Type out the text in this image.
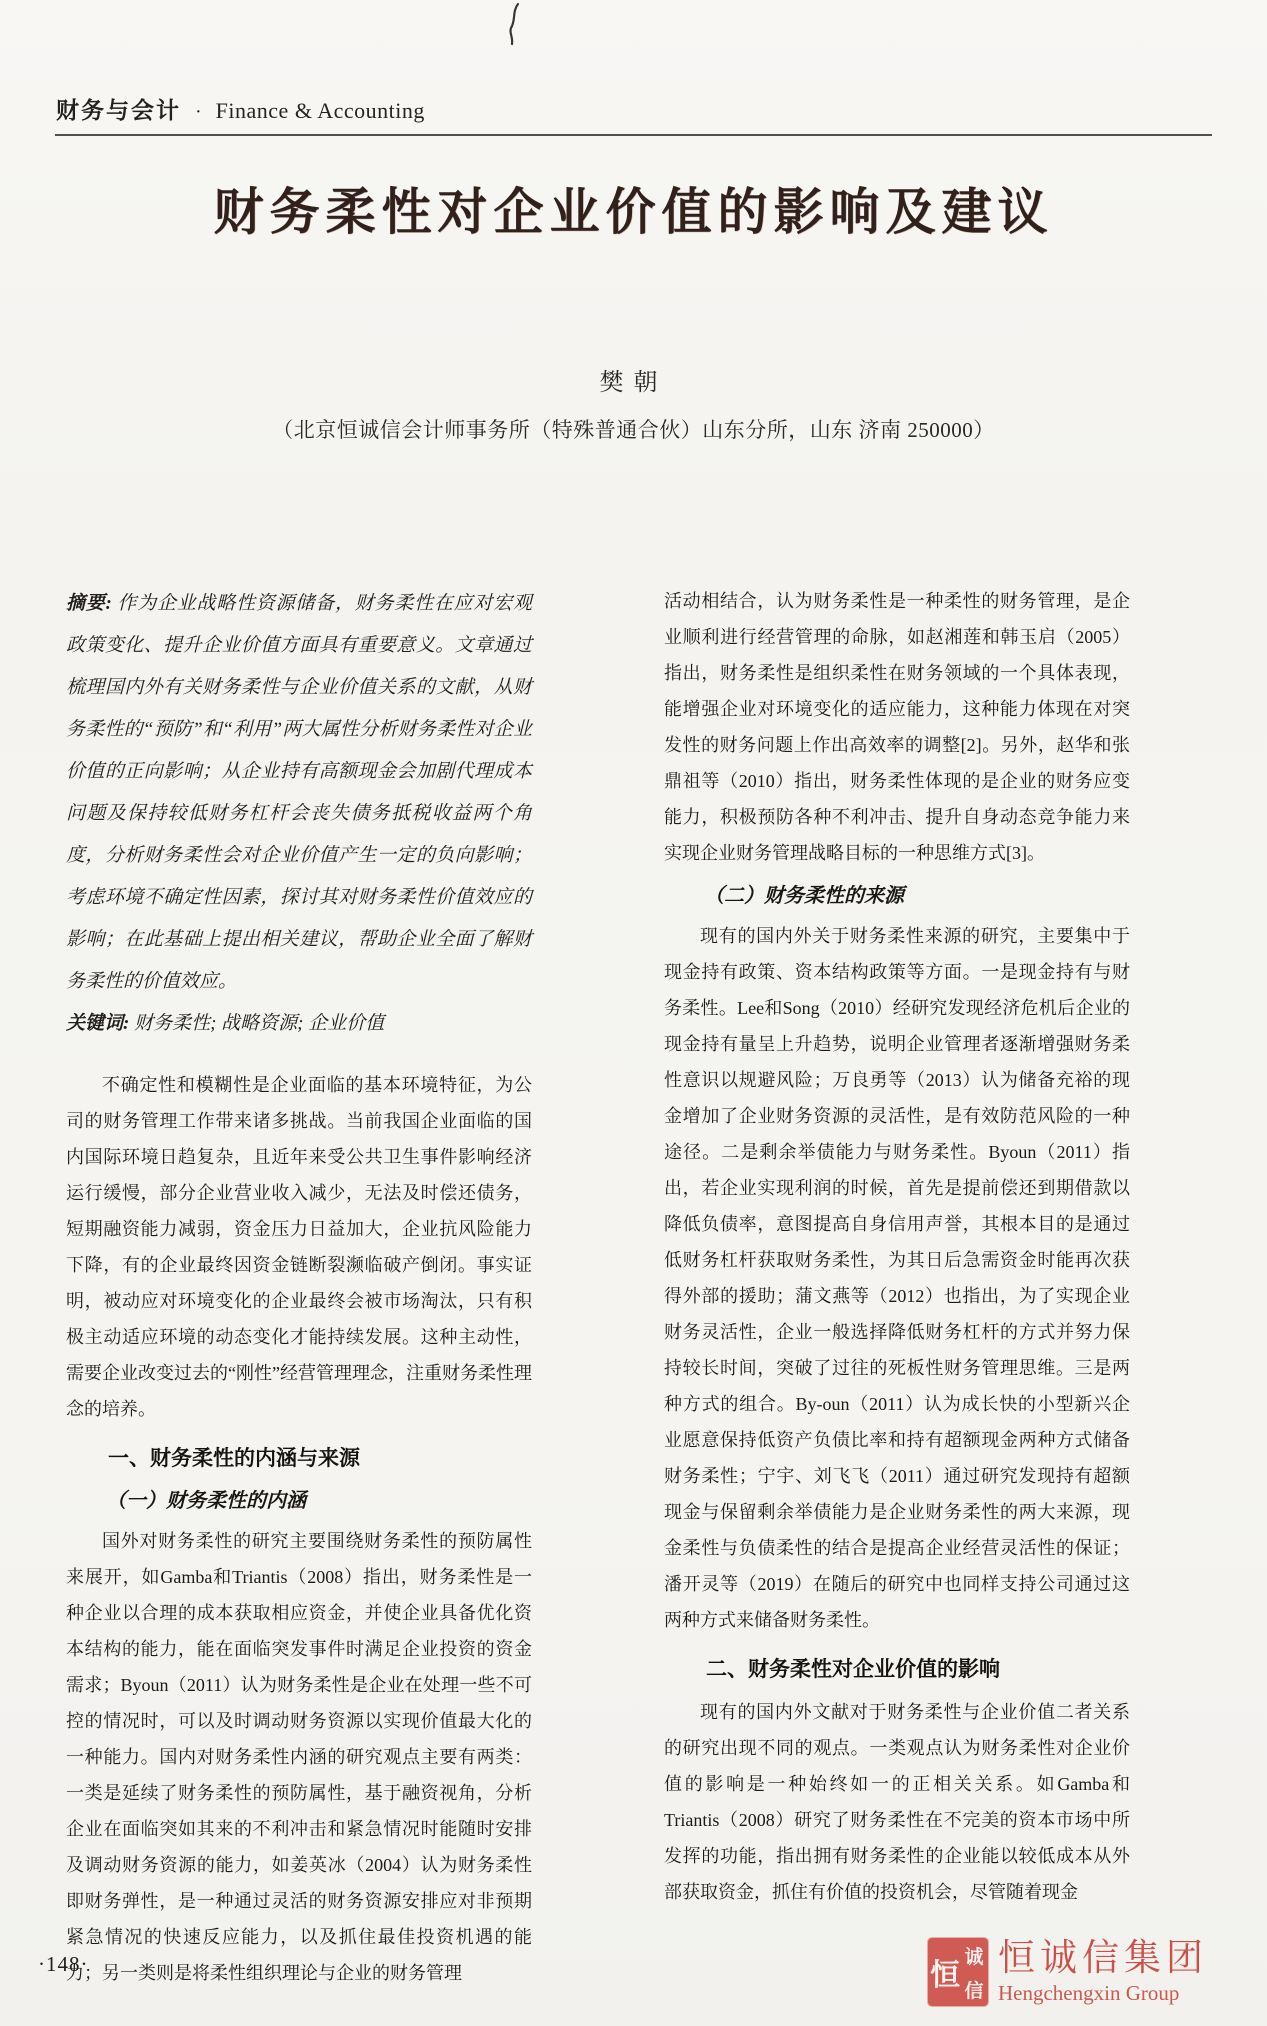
财务与会计 · Finance & Accounting
财务柔性对企业价值的影响及建议
樊朝
（北京恒诚信会计师事务所（特殊普通合伙）山东分所，山东 济南 250000）

摘要: 作为企业战略性资源储备，财务柔性在应对宏观政策变化、提升企业价值方面具有重要意义。文章通过梳理国内外有关财务柔性与企业价值关系的文献，从财务柔性的“预防”和“利用”两大属性分析财务柔性对企业价值的正向影响；从企业持有高额现金会加剧代理成本问题及保持较低财务杠杆会丧失债务抵税收益两个角度，分析财务柔性会对企业价值产生一定的负向影响；考虑环境不确定性因素，探讨其对财务柔性价值效应的影响；在此基础上提出相关建议，帮助企业全面了解财务柔性的价值效应。

关键词: 财务柔性; 战略资源; 企业价值

不确定性和模糊性是企业面临的基本环境特征，为公司的财务管理工作带来诸多挑战。当前我国企业面临的国内国际环境日趋复杂，且近年来受公共卫生事件影响经济运行缓慢，部分企业营业收入减少，无法及时偿还债务，短期融资能力减弱，资金压力日益加大，企业抗风险能力下降，有的企业最终因资金链断裂濒临破产倒闭。事实证明，被动应对环境变化的企业最终会被市场淘汰，只有积极主动适应环境的动态变化才能持续发展。这种主动性，需要企业改变过去的“刚性”经营管理理念，注重财务柔性理念的培养。

一、财务柔性的内涵与来源
（一）财务柔性的内涵

国外对财务柔性的研究主要围绕财务柔性的预防属性来展开，如Gamba和Triantis（2008）指出，财务柔性是一种企业以合理的成本获取相应资金，并使企业具备优化资本结构的能力，能在面临突发事件时满足企业投资的资金需求；Byoun（2011）认为财务柔性是企业在处理一些不可控的情况时，可以及时调动财务资源以实现价值最大化的一种能力。国内对财务柔性内涵的研究观点主要有两类：一类是延续了财务柔性的预防属性，基于融资视角，分析企业在面临突如其来的不利冲击和紧急情况时能随时安排及调动财务资源的能力，如姜英冰（2004）认为财务柔性即财务弹性，是一种通过灵活的财务资源安排应对非预期紧急情况的快速反应能力，以及抓住最佳投资机遇的能力；另一类则是将柔性组织理论与企业的财务管理

活动相结合，认为财务柔性是一种柔性的财务管理，是企业顺利进行经营管理的命脉，如赵湘莲和韩玉启（2005）指出，财务柔性是组织柔性在财务领域的一个具体表现，能增强企业对环境变化的适应能力，这种能力体现在对突发性的财务问题上作出高效率的调整[2]。另外，赵华和张鼎祖等（2010）指出，财务柔性体现的是企业的财务应变能力，积极预防各种不利冲击、提升自身动态竞争能力来实现企业财务管理战略目标的一种思维方式[3]。

（二）财务柔性的来源

现有的国内外关于财务柔性来源的研究，主要集中于现金持有政策、资本结构政策等方面。一是现金持有与财务柔性。Lee和Song（2010）经研究发现经济危机后企业的现金持有量呈上升趋势，说明企业管理者逐渐增强财务柔性意识以规避风险；万良勇等（2013）认为储备充裕的现金增加了企业财务资源的灵活性，是有效防范风险的一种途径。二是剩余举债能力与财务柔性。Byoun（2011）指出，若企业实现利润的时候，首先是提前偿还到期借款以降低负债率，意图提高自身信用声誉，其根本目的是通过低财务杠杆获取财务柔性，为其日后急需资金时能再次获得外部的援助；蒲文燕等（2012）也指出，为了实现企业财务灵活性，企业一般选择降低财务杠杆的方式并努力保持较长时间，突破了过往的死板性财务管理思维。三是两种方式的组合。By-oun（2011）认为成长快的小型新兴企业愿意保持低资产负债比率和持有超额现金两种方式储备财务柔性；宁宇、刘飞飞（2011）通过研究发现持有超额现金与保留剩余举债能力是企业财务柔性的两大来源，现金柔性与负债柔性的结合是提高企业经营灵活性的保证；潘开灵等（2019）在随后的研究中也同样支持公司通过这两种方式来储备财务柔性。

二、财务柔性对企业价值的影响

现有的国内外文献对于财务柔性与企业价值二者关系的研究出现不同的观点。一类观点认为财务柔性对企业价值的影响是一种始终如一的正相关关系。如Gamba和Triantis（2008）研究了财务柔性在不完美的资本市场中所发挥的功能，指出拥有财务柔性的企业能以较低成本从外部获取资金，抓住有价值的投资机会，尽管随着现金

·148·	恒
诚
信
恒诚信集团
Hengchengxin Group
